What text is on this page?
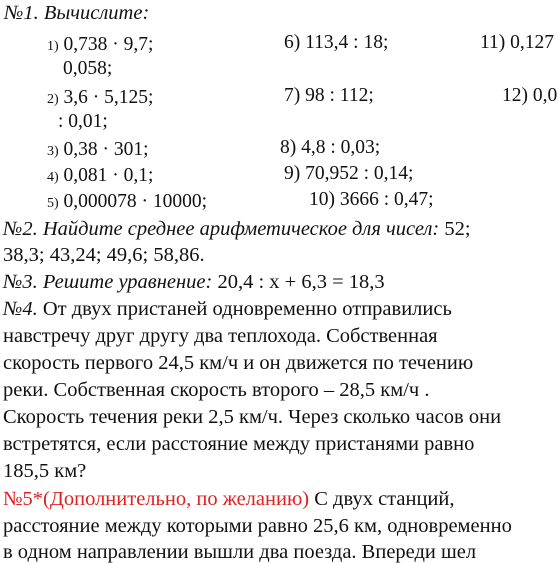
№1. Вычислите:
1) 0,738 · 9,7;	6) 113,4 : 18;	11) 0,127
0,058;
2) 3,6 · 5,125;	7) 98 : 112;	12) 0,0
: 0,01;
3) 0,38 · 301;	8) 4,8 : 0,03;
4) 0,081 · 0,1;	9) 70,952 : 0,14;
5) 0,000078 · 10000;	10) 3666 : 0,47;
№2. Найдите среднее арифметическое для чисел: 52;
38,3; 43,24; 49,6; 58,86.
№3. Решите уравнение: 20,4 : х + 6,3 = 18,3
№4. От двух пристаней одновременно отправились
навстречу друг другу два теплохода. Собственная
скорость первого 24,5 км/ч и он движется по течению
реки. Собственная скорость второго – 28,5 км/ч .
Скорость течения реки 2,5 км/ч. Через сколько часов они
встретятся, если расстояние между пристанями равно
185,5 км?
№5*(Дополнительно, по желанию) С двух станций,
расстояние между которыми равно 25,6 км, одновременно
в одном направлении вышли два поезда. Впереди шел
